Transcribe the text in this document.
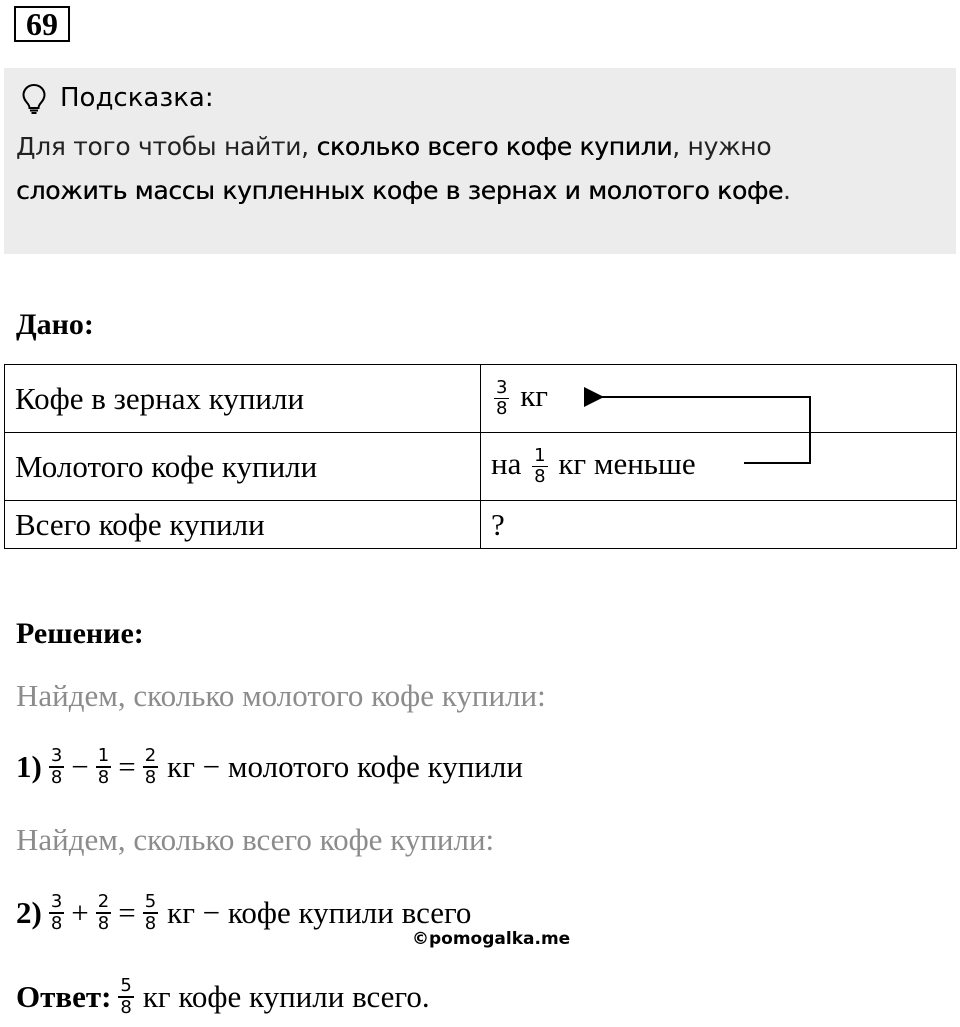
69
Подсказка:
Для того чтобы найти, сколько всего кофе купили, нужно
сложить массы купленных кофе в зернах и молотого кофе.
Дано:
Кофе в зернах купили	$\frac{3}{8}$ кг
Молотого кофе купили	на $\frac{1}{8}$ кг меньше
Всего кофе купили	?
Решение:
Найдем, сколько молотого кофе купили:
$1) \frac{3}{8} - \frac{1}{8} = \frac{2}{8}$ кг − молотого кофе купили
Найдем, сколько всего кофе купили:
$2) \frac{3}{8} + \frac{2}{8} = \frac{5}{8}$ кг − кофе купили всего
©pomogalka.me
Ответ: $\frac{5}{8}$ кг кофе купили всего.
